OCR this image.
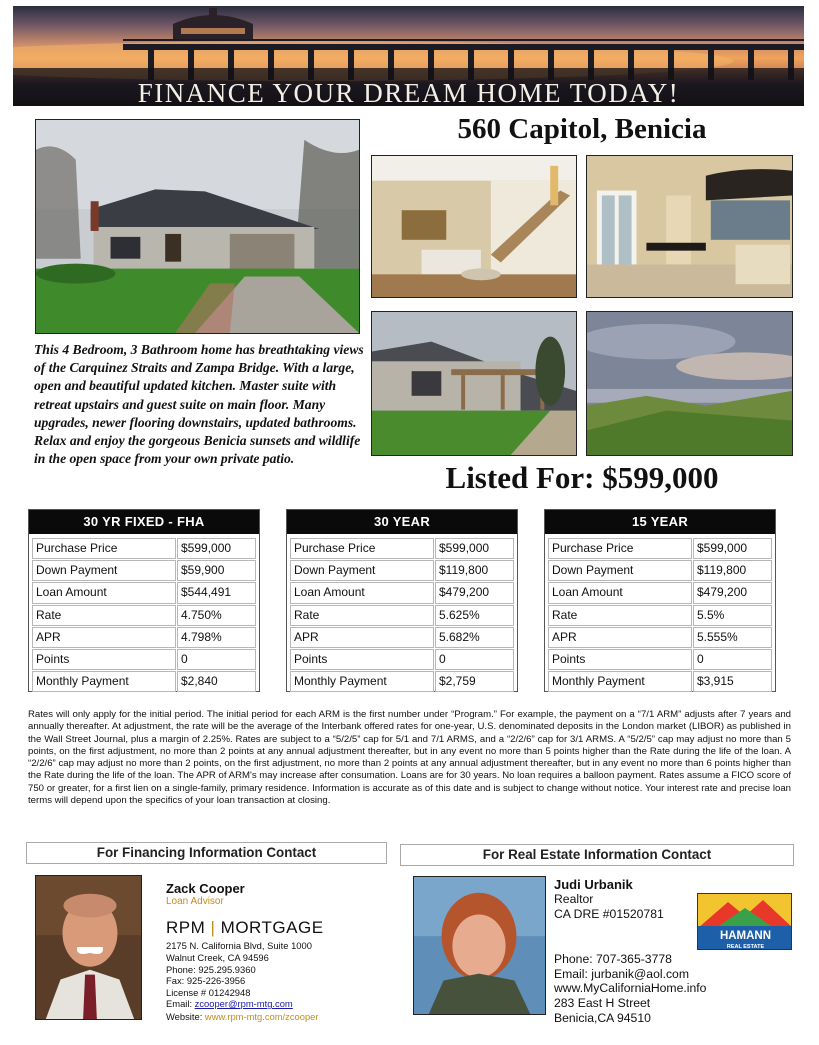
FINANCE YOUR DREAM HOME TODAY!
560 Capitol, Benicia
This 4 Bedroom, 3 Bathroom home has breathtaking views of the Carquinez Straits and Zampa Bridge. With a large, open and beautiful updated kitchen. Master suite with retreat upstairs and guest suite on main floor. Many upgrades, newer flooring downstairs, updated bathrooms. Relax and enjoy the gorgeous Benicia sunsets and wildlife in the open space from your own private patio.
Listed For: $599,000
30 YR FIXED - FHA
Purchase Price	$599,000
Down Payment	$59,900
Loan Amount	$544,491
Rate	4.750%
APR	4.798%
Points	0
Monthly Payment	$2,840
30 YEAR
Purchase Price	$599,000
Down Payment	$119,800
Loan Amount	$479,200
Rate	5.625%
APR	5.682%
Points	0
Monthly Payment	$2,759
15 YEAR
Purchase Price	$599,000
Down Payment	$119,800
Loan Amount	$479,200
Rate	5.5%
APR	5.555%
Points	0
Monthly Payment	$3,915
Rates will only apply for the initial period. The initial period for each ARM is the first number under “Program.” For example, the payment on a “7/1 ARM” adjusts after 7 years and annually thereafter. At adjustment, the rate will be the average of the Interbank offered rates for one-year, U.S. denominated deposits in the London market (LIBOR) as published in the Wall Street Journal, plus a margin of 2.25%. Rates are subject to a “5/2/5” cap for 5/1 and 7/1 ARMS, and a “2/2/6” cap for 3/1 ARMS. A “5/2/5” cap may adjust no more than 5 points, on the first adjustment, no more than 2 points at any annual adjustment thereafter, but in any event no more than 5 points higher than the Rate during the life of the loan. A “2/2/6” cap may adjust no more than 2 points, on the first adjustment, no more than 2 points at any annual adjustment thereafter, but in any event no more than 6 points higher than the Rate during the life of the loan. The APR of ARM's may increase after consumation. Loans are for 30 years. No loan requires a balloon payment. Rates assume a FICO score of 750 or greater, for a first lien on a single-family, primary residence. Information is accurate as of this date and is subject to change without notice. Your interest rate and precise loan terms will depend upon the specifics of your loan transaction at closing.
For Financing Information Contact	For Real Estate Information Contact
Zack Cooper
Loan Advisor
RPM | MORTGAGE
2175 N. California Blvd, Suite 1000
Walnut Creek, CA 94596
Phone: 925.295.9360
Fax: 925-226-3956
License # 01242948
Email: zcooper@rpm-mtg.com
Website: www.rpm-mtg.com/zcooper
Judi Urbanik
Realtor
CA DRE #01520781
Phone: 707-365-3778
Email: jurbanik@aol.com
www.MyCaliforniaHome.info
283 East H Street
Benicia,CA 94510
HAMANN
REAL ESTATE
